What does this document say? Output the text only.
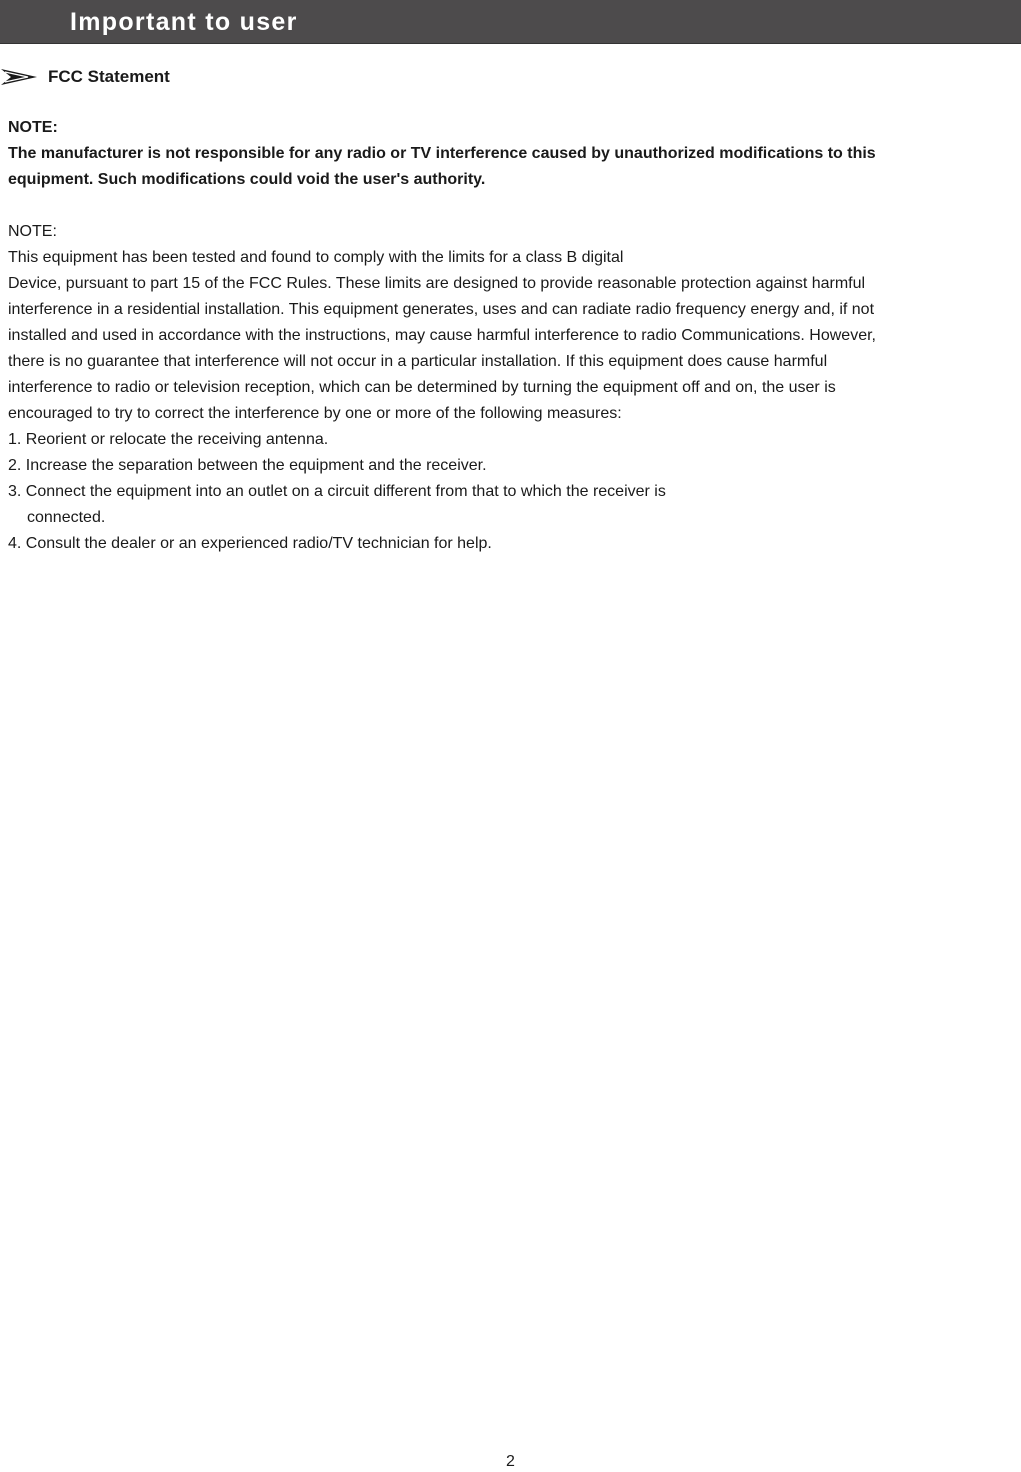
Important to user
FCC Statement
NOTE:
The manufacturer is not responsible for any radio or TV interference caused by unauthorized modifications to this
equipment. Such modifications could void the user's authority.
NOTE:
This equipment has been tested and found to comply with the limits for a class B digital
Device, pursuant to part 15 of the FCC Rules. These limits are designed to provide reasonable protection against harmful
interference in a residential installation. This equipment generates, uses and can radiate radio frequency energy and, if not
installed and used in accordance with the instructions, may cause harmful interference to radio Communications. However,
there is no guarantee that interference will not occur in a particular installation. If this equipment does cause harmful
interference to radio or television reception, which can be determined by turning the equipment off and on, the user is
encouraged to try to correct the interference by one or more of the following measures:
1. Reorient or relocate the receiving antenna.
2. Increase the separation between the equipment and the receiver.
3. Connect the equipment into an outlet on a circuit different from that to which the receiver is
connected.
4. Consult the dealer or an experienced radio/TV technician for help.
2
